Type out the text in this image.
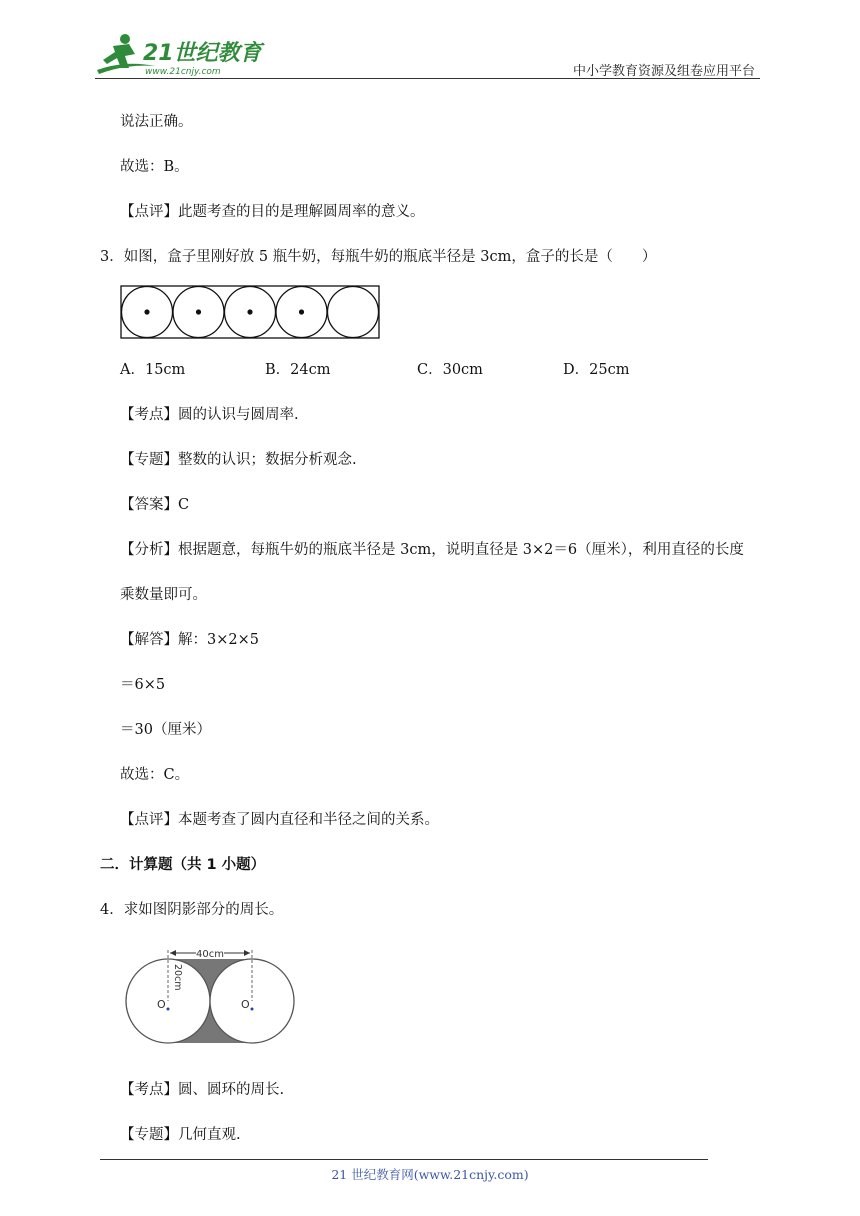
21世纪教育
www.21cnjy.com	中小学教育资源及组卷应用平台
说法正确。
故选：B。
【点评】此题考查的目的是理解圆周率的意义。
3．如图，盒子里刚好放 5 瓶牛奶，每瓶牛奶的瓶底半径是 3cm，盒子的长是（　　）
A．15cm	B．24cm	C．30cm	D．25cm
【考点】圆的认识与圆周率.
【专题】整数的认识；数据分析观念.
【答案】C
【分析】根据题意，每瓶牛奶的瓶底半径是 3cm，说明直径是 3×2＝6（厘米），利用直径的长度
乘数量即可。
【解答】解：3×2×5
＝6×5
＝30（厘米）
故选：C。
【点评】本题考查了圆内直径和半径之间的关系。
二．计算题（共 1 小题）
4．求如图阴影部分的周长。
40cm
20cm
O	O
【考点】圆、圆环的周长.
【专题】几何直观.
21 世纪教育网(www.21cnjy.com)
